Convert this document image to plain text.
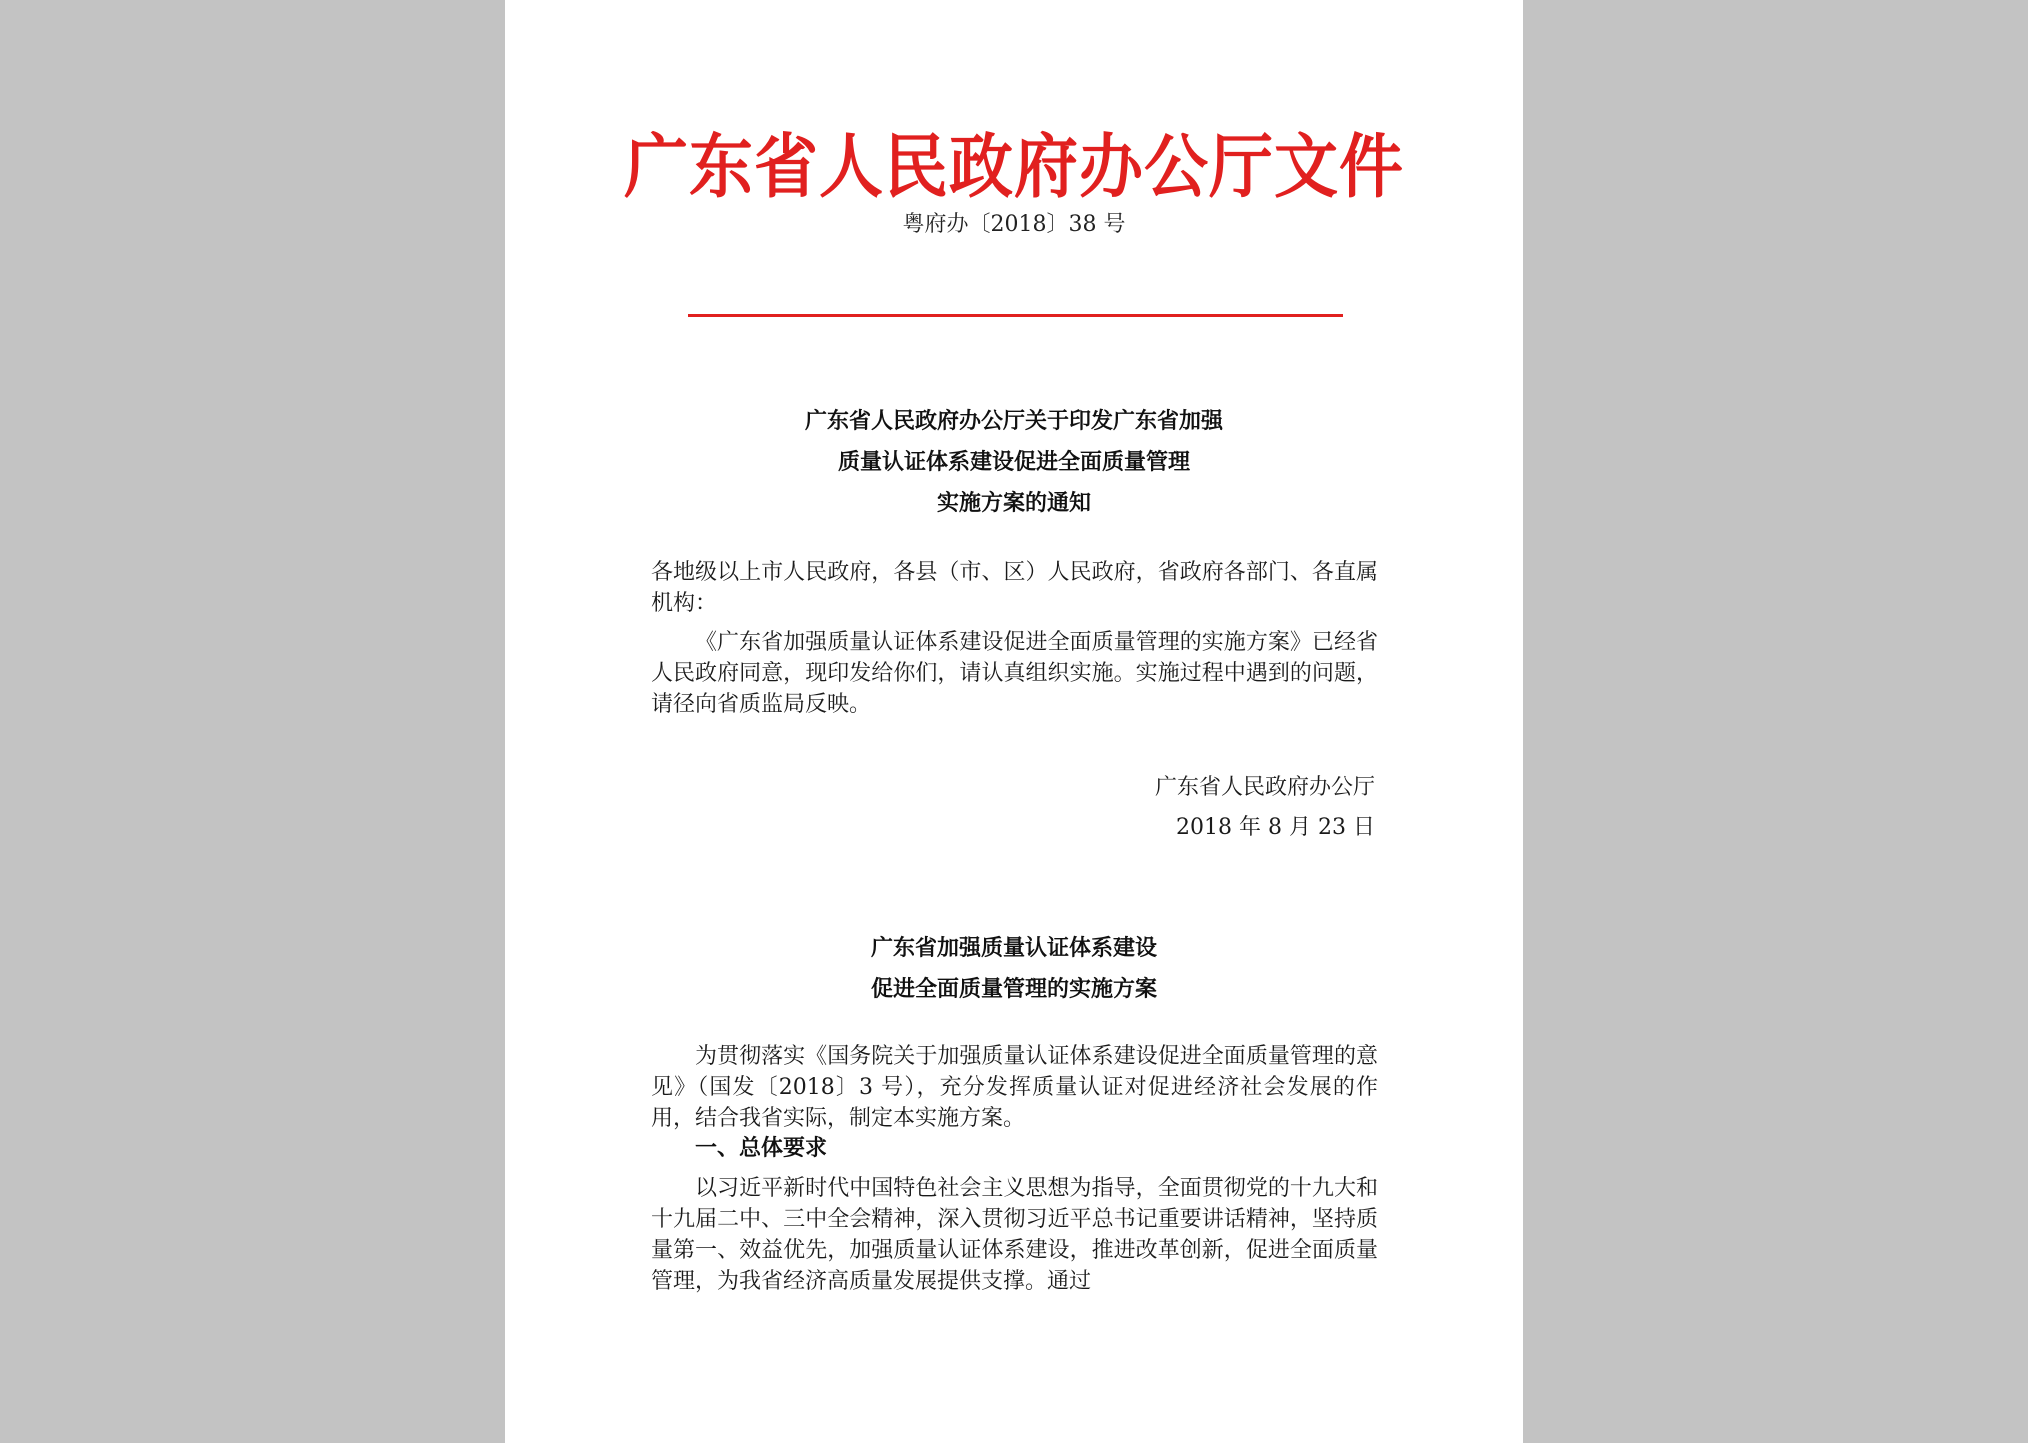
广东省人民政府办公厅文件
粤府办〔2018〕38 号
广东省人民政府办公厅关于印发广东省加强
质量认证体系建设促进全面质量管理
实施方案的通知
各地级以上市人民政府，各县（市、区）人民政府，省政府各部门、各直属机构：
《广东省加强质量认证体系建设促进全面质量管理的实施方案》已经省人民政府同意，现印发给你们，请认真组织实施。实施过程中遇到的问题，请径向省质监局反映。
广东省人民政府办公厅
2018 年 8 月 23 日
广东省加强质量认证体系建设
促进全面质量管理的实施方案
为贯彻落实《国务院关于加强质量认证体系建设促进全面质量管理的意见》（国发〔2018〕3 号），充分发挥质量认证对促进经济社会发展的作用，结合我省实际，制定本实施方案。
一、总体要求
以习近平新时代中国特色社会主义思想为指导，全面贯彻党的十九大和十九届二中、三中全会精神，深入贯彻习近平总书记重要讲话精神，坚持质量第一、效益优先，加强质量认证体系建设，推进改革创新，促进全面质量管理，为我省经济高质量发展提供支撑。通过
